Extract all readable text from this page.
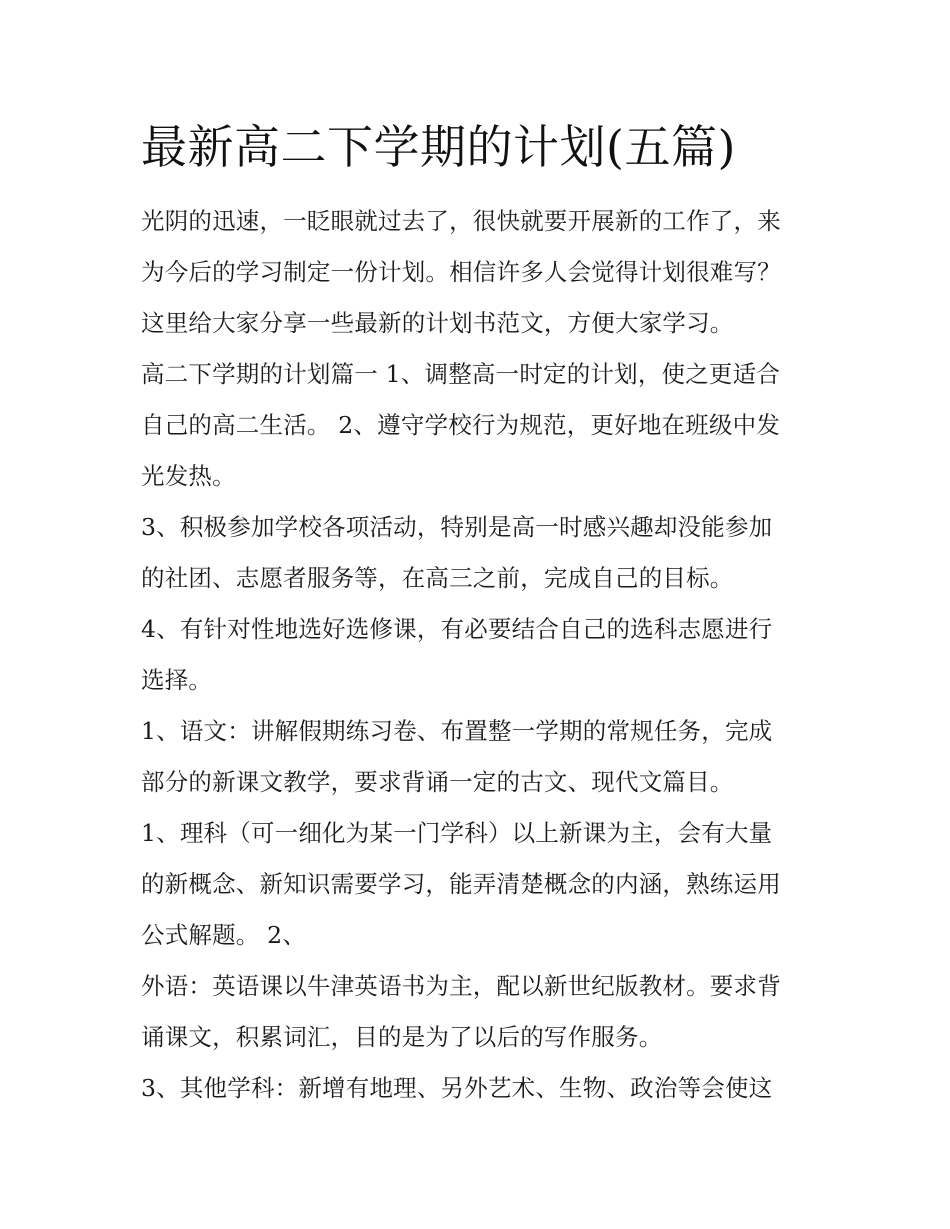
最新高二下学期的计划(五篇)
光阴的迅速，一眨眼就过去了，很快就要开展新的工作了，来
为今后的学习制定一份计划。相信许多人会觉得计划很难写？
这里给大家分享一些最新的计划书范文，方便大家学习。
高二下学期的计划篇一 1、调整高一时定的计划，使之更适合
自己的高二生活。 2、遵守学校行为规范，更好地在班级中发
光发热。
3、积极参加学校各项活动，特别是高一时感兴趣却没能参加
的社团、志愿者服务等，在高三之前，完成自己的目标。
4、有针对性地选好选修课，有必要结合自己的选科志愿进行
选择。
1、语文：讲解假期练习卷、布置整一学期的常规任务，完成
部分的新课文教学，要求背诵一定的古文、现代文篇目。
1、理科（可一细化为某一门学科）以上新课为主，会有大量
的新概念、新知识需要学习，能弄清楚概念的内涵，熟练运用
公式解题。 2、
外语：英语课以牛津英语书为主，配以新世纪版教材。要求背
诵课文，积累词汇，目的是为了以后的写作服务。
3、其他学科：新增有地理、另外艺术、生物、政治等会使这
